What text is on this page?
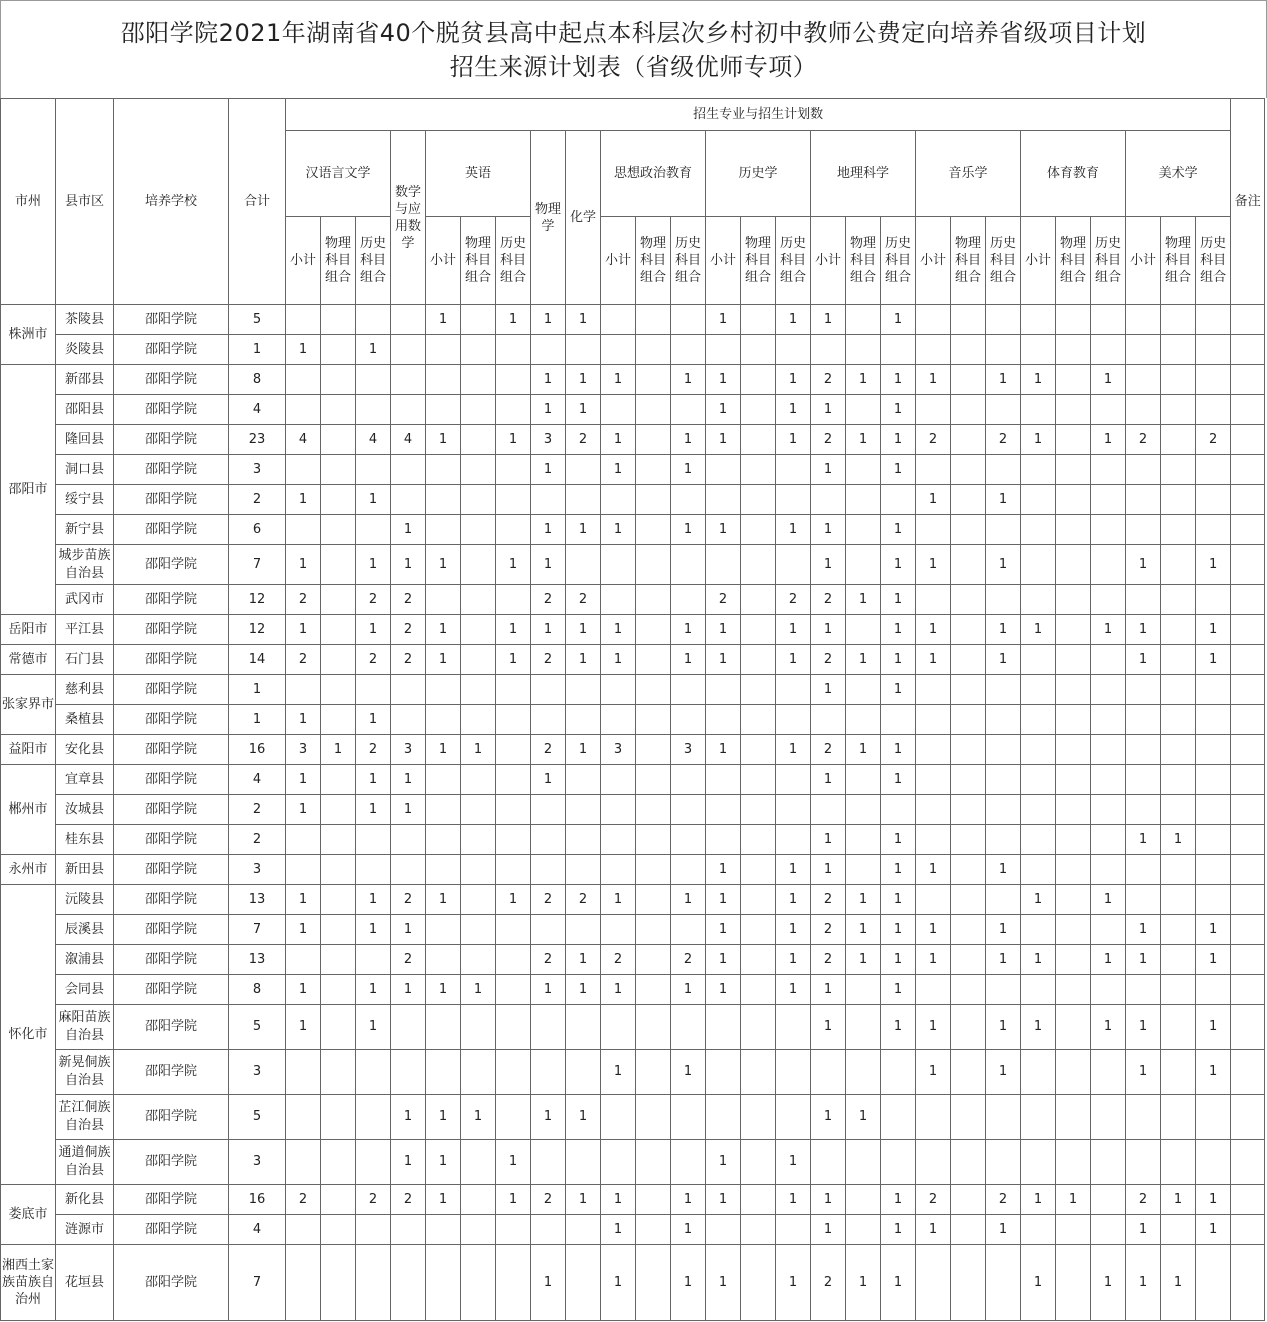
邵阳学院2021年湖南省40个脱贫县高中起点本科层次乡村初中教师公费定向培养省级项目计划
招生来源计划表（省级优师专项）
市州	县市区	培养学校	合计	招生专业与招生计划数																											备注
				汉语言文学			数学与应用数学	英语			物理学	化学	思想政治教育			历史学			地理科学			音乐学			体育教育			美术学			
				小计	物理科目组合	历史科目组合		小计	物理科目组合	历史科目组合			小计	物理科目组合	历史科目组合	小计	物理科目组合	历史科目组合	小计	物理科目组合	历史科目组合	小计	物理科目组合	历史科目组合	小计	物理科目组合	历史科目组合	小计	物理科目组合	历史科目组合	
株洲市	茶陵县	邵阳学院	5					1		1	1	1				1		1	1		1										

	炎陵县	邵阳学院	1	1		1																									
邵阳市	新邵县	邵阳学院	8								1	1	1		1	1		1	2	1	1	1		1	1		1				

	邵阳县	邵阳学院	4								1	1				1		1	1		1										

	隆回县	邵阳学院	23	4		4	4	1		1	3	2	1		1	1		1	2	1	1	2		2	1		1	2		2	

	洞口县	邵阳学院	3								1		1		1				1		1										

	绥宁县	邵阳学院	2	1		1																1		1							

	新宁县	邵阳学院	6				1				1	1	1		1	1		1	1		1										

	城步苗族自治县	邵阳学院	7	1		1	1	1		1	1								1		1	1		1				1		1	

	武冈市	邵阳学院	12	2		2	2				2	2				2		2	2	1	1										
岳阳市	平江县	邵阳学院	12	1		1	2	1		1	1	1	1		1	1		1	1		1	1		1	1		1	1		1	
常德市	石门县	邵阳学院	14	2		2	2	1		1	2	1	1		1	1		1	2	1	1	1		1				1		1	
张家界市	慈利县	邵阳学院	1																1		1										

	桑植县	邵阳学院	1	1		1																									
益阳市	安化县	邵阳学院	16	3	1	2	3	1	1		2	1	3		3	1		1	2	1	1										
郴州市	宜章县	邵阳学院	4	1		1	1				1								1		1										

	汝城县	邵阳学院	2	1		1	1																								

	桂东县	邵阳学院	2																1		1							1	1		
永州市	新田县	邵阳学院	3													1		1	1		1	1		1							
怀化市	沅陵县	邵阳学院	13	1		1	2	1		1	2	2	1		1	1		1	2	1	1				1		1				

	辰溪县	邵阳学院	7	1		1	1									1		1	2	1	1	1		1				1		1	

	溆浦县	邵阳学院	13				2				2	1	2		2	1		1	2	1	1	1		1	1		1	1		1	

	会同县	邵阳学院	8	1		1	1	1	1		1	1	1		1	1		1	1		1										

	麻阳苗族自治县	邵阳学院	5	1		1													1		1	1		1	1		1	1		1	

	新晃侗族自治县	邵阳学院	3										1		1							1		1				1		1	

	芷江侗族自治县	邵阳学院	5				1	1	1		1	1							1	1											

	通道侗族自治县	邵阳学院	3				1	1		1						1		1													
娄底市	新化县	邵阳学院	16	2		2	2	1		1	2	1	1		1	1		1	1		1	2		2	1	1		2	1	1	

	涟源市	邵阳学院	4										1		1				1		1	1		1				1		1	
湘西土家族苗族自治州	花垣县	邵阳学院	7								1		1		1	1		1	2	1	1				1		1	1	1		
